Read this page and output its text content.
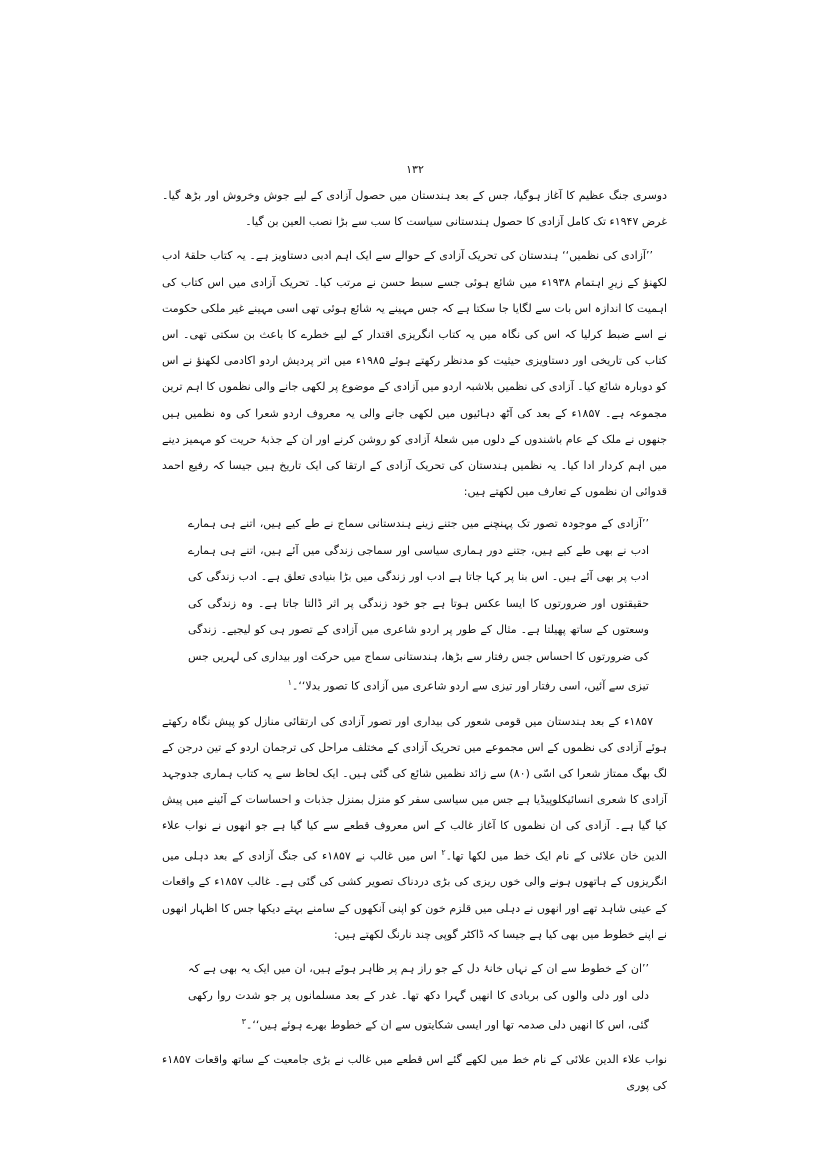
۱۳۲

دوسری جنگ عظیم کا آغاز ہوگیا، جس کے بعد ہندستان میں حصول آزادی کے لیے جوش وخروش اور بڑھ گیا۔ غرض ۱۹۴۷ء تک کامل آزادی کا حصول ہندستانی سیاست کا سب سے بڑا نصب العین بن گیا۔

’’آزادی کی نظمیں‘‘ ہندستان کی تحریک آزادی کے حوالے سے ایک اہم ادبی دستاویز ہے۔ یہ کتاب حلقۂ ادب لکھنؤ کے زیرِ اہتمام ۱۹۳۸ء میں شائع ہوئی جسے سبط حسن نے مرتب کیا۔ تحریک آزادی میں اس کتاب کی اہمیت کا اندازہ اس بات سے لگایا جا سکتا ہے کہ جس مہینے یہ شائع ہوئی تھی اسی مہینے غیر ملکی حکومت نے اسے ضبط کرلیا کہ اس کی نگاہ میں یہ کتاب انگریزی اقتدار کے لیے خطرے کا باعث بن سکتی تھی۔ اس کتاب کی تاریخی اور دستاویزی حیثیت کو مدنظر رکھتے ہوئے ۱۹۸۵ء میں اتر پردیش اردو اکادمی لکھنؤ نے اس کو دوبارہ شائع کیا۔ آزادی کی نظمیں بلاشبہ اردو میں آزادی کے موضوع پر لکھی جانے والی نظموں کا اہم ترین مجموعہ ہے۔ ۱۸۵۷ء کے بعد کی آٹھ دہائیوں میں لکھی جانے والی یہ معروف اردو شعرا کی وہ نظمیں ہیں جنھوں نے ملک کے عام باشندوں کے دلوں میں شعلۂ آزادی کو روشن کرنے اور ان کے جذبۂ حریت کو مہمیز دینے میں اہم کردار ادا کیا۔ یہ نظمیں ہندستان کی تحریک آزادی کے ارتقا کی ایک تاریخ ہیں جیسا کہ رفیع احمد قدوائی ان نظموں کے تعارف میں لکھتے ہیں:

’’آزادی کے موجودہ تصور تک پہنچنے میں جتنے زینے ہندستانی سماج نے طے کیے ہیں، اتنے ہی ہمارے ادب نے بھی طے کیے ہیں، جتنے دور ہماری سیاسی اور سماجی زندگی میں آئے ہیں، اتنے ہی ہمارے ادب پر بھی آئے ہیں۔ اس بنا پر کہا جاتا ہے ادب اور زندگی میں بڑا بنیادی تعلق ہے۔ ادب زندگی کی حقیقتوں اور ضرورتوں کا ایسا عکس ہوتا ہے جو خود زندگی پر اثر ڈالتا جاتا ہے۔ وہ زندگی کی وسعتوں کے ساتھ پھیلتا ہے۔ مثال کے طور پر اردو شاعری میں آزادی کے تصور ہی کو لیجیے۔ زندگی کی ضرورتوں کا احساس جس رفتار سے بڑھا، ہندستانی سماج میں حرکت اور بیداری کی لہریں جس تیزی سے آئیں، اسی رفتار اور تیزی سے اردو شاعری میں آزادی کا تصور بدلا‘‘۔$^۱$

۱۸۵۷ء کے بعد ہندستان میں قومی شعور کی بیداری اور تصور آزادی کی ارتقائی منازل کو پیش نگاہ رکھتے ہوئے آزادی کی نظموں کے اس مجموعے میں تحریک آزادی کے مختلف مراحل کی ترجمان اردو کے تین درجن کے لگ بھگ ممتاز شعرا کی اسّی (۸۰) سے زائد نظمیں شائع کی گئی ہیں۔ ایک لحاظ سے یہ کتاب ہماری جدوجہد آزادی کا شعری انسائیکلوپیڈیا ہے جس میں سیاسی سفر کو منزل بمنزل جذبات و احساسات کے آئینے میں پیش کیا گیا ہے۔ آزادی کی ان نظموں کا آغاز غالب کے اس معروف قطعے سے کیا گیا ہے جو انھوں نے نواب علاء الدین خان علائی کے نام ایک خط میں لکھا تھا۔$^۲$ اس میں غالب نے ۱۸۵۷ء کی جنگ آزادی کے بعد دہلی میں انگریزوں کے ہاتھوں ہونے والی خوں ریزی کی بڑی دردناک تصویر کشی کی گئی ہے۔ غالب ۱۸۵۷ء کے واقعات کے عینی شاہد تھے اور انھوں نے دہلی میں قلزم خون کو اپنی آنکھوں کے سامنے بہتے دیکھا جس کا اظہار انھوں نے اپنے خطوط میں بھی کیا ہے جیسا کہ ڈاکٹر گوپی چند نارنگ لکھتے ہیں:

’’ان کے خطوط سے ان کے نہاں خانۂ دل کے جو راز ہم پر ظاہر ہوئے ہیں، ان میں ایک یہ بھی ہے کہ دلی اور دلی والوں کی بربادی کا انھیں گہرا دکھ تھا۔ غدر کے بعد مسلمانوں پر جو شدت روا رکھی گئی، اس کا انھیں دلی صدمہ تھا اور ایسی شکایتوں سے ان کے خطوط بھرے ہوئے ہیں‘‘۔$^۳$

نواب علاء الدین علائی کے نام خط میں لکھے گئے اس قطعے میں غالب نے بڑی جامعیت کے ساتھ واقعات ۱۸۵۷ء کی پوری
